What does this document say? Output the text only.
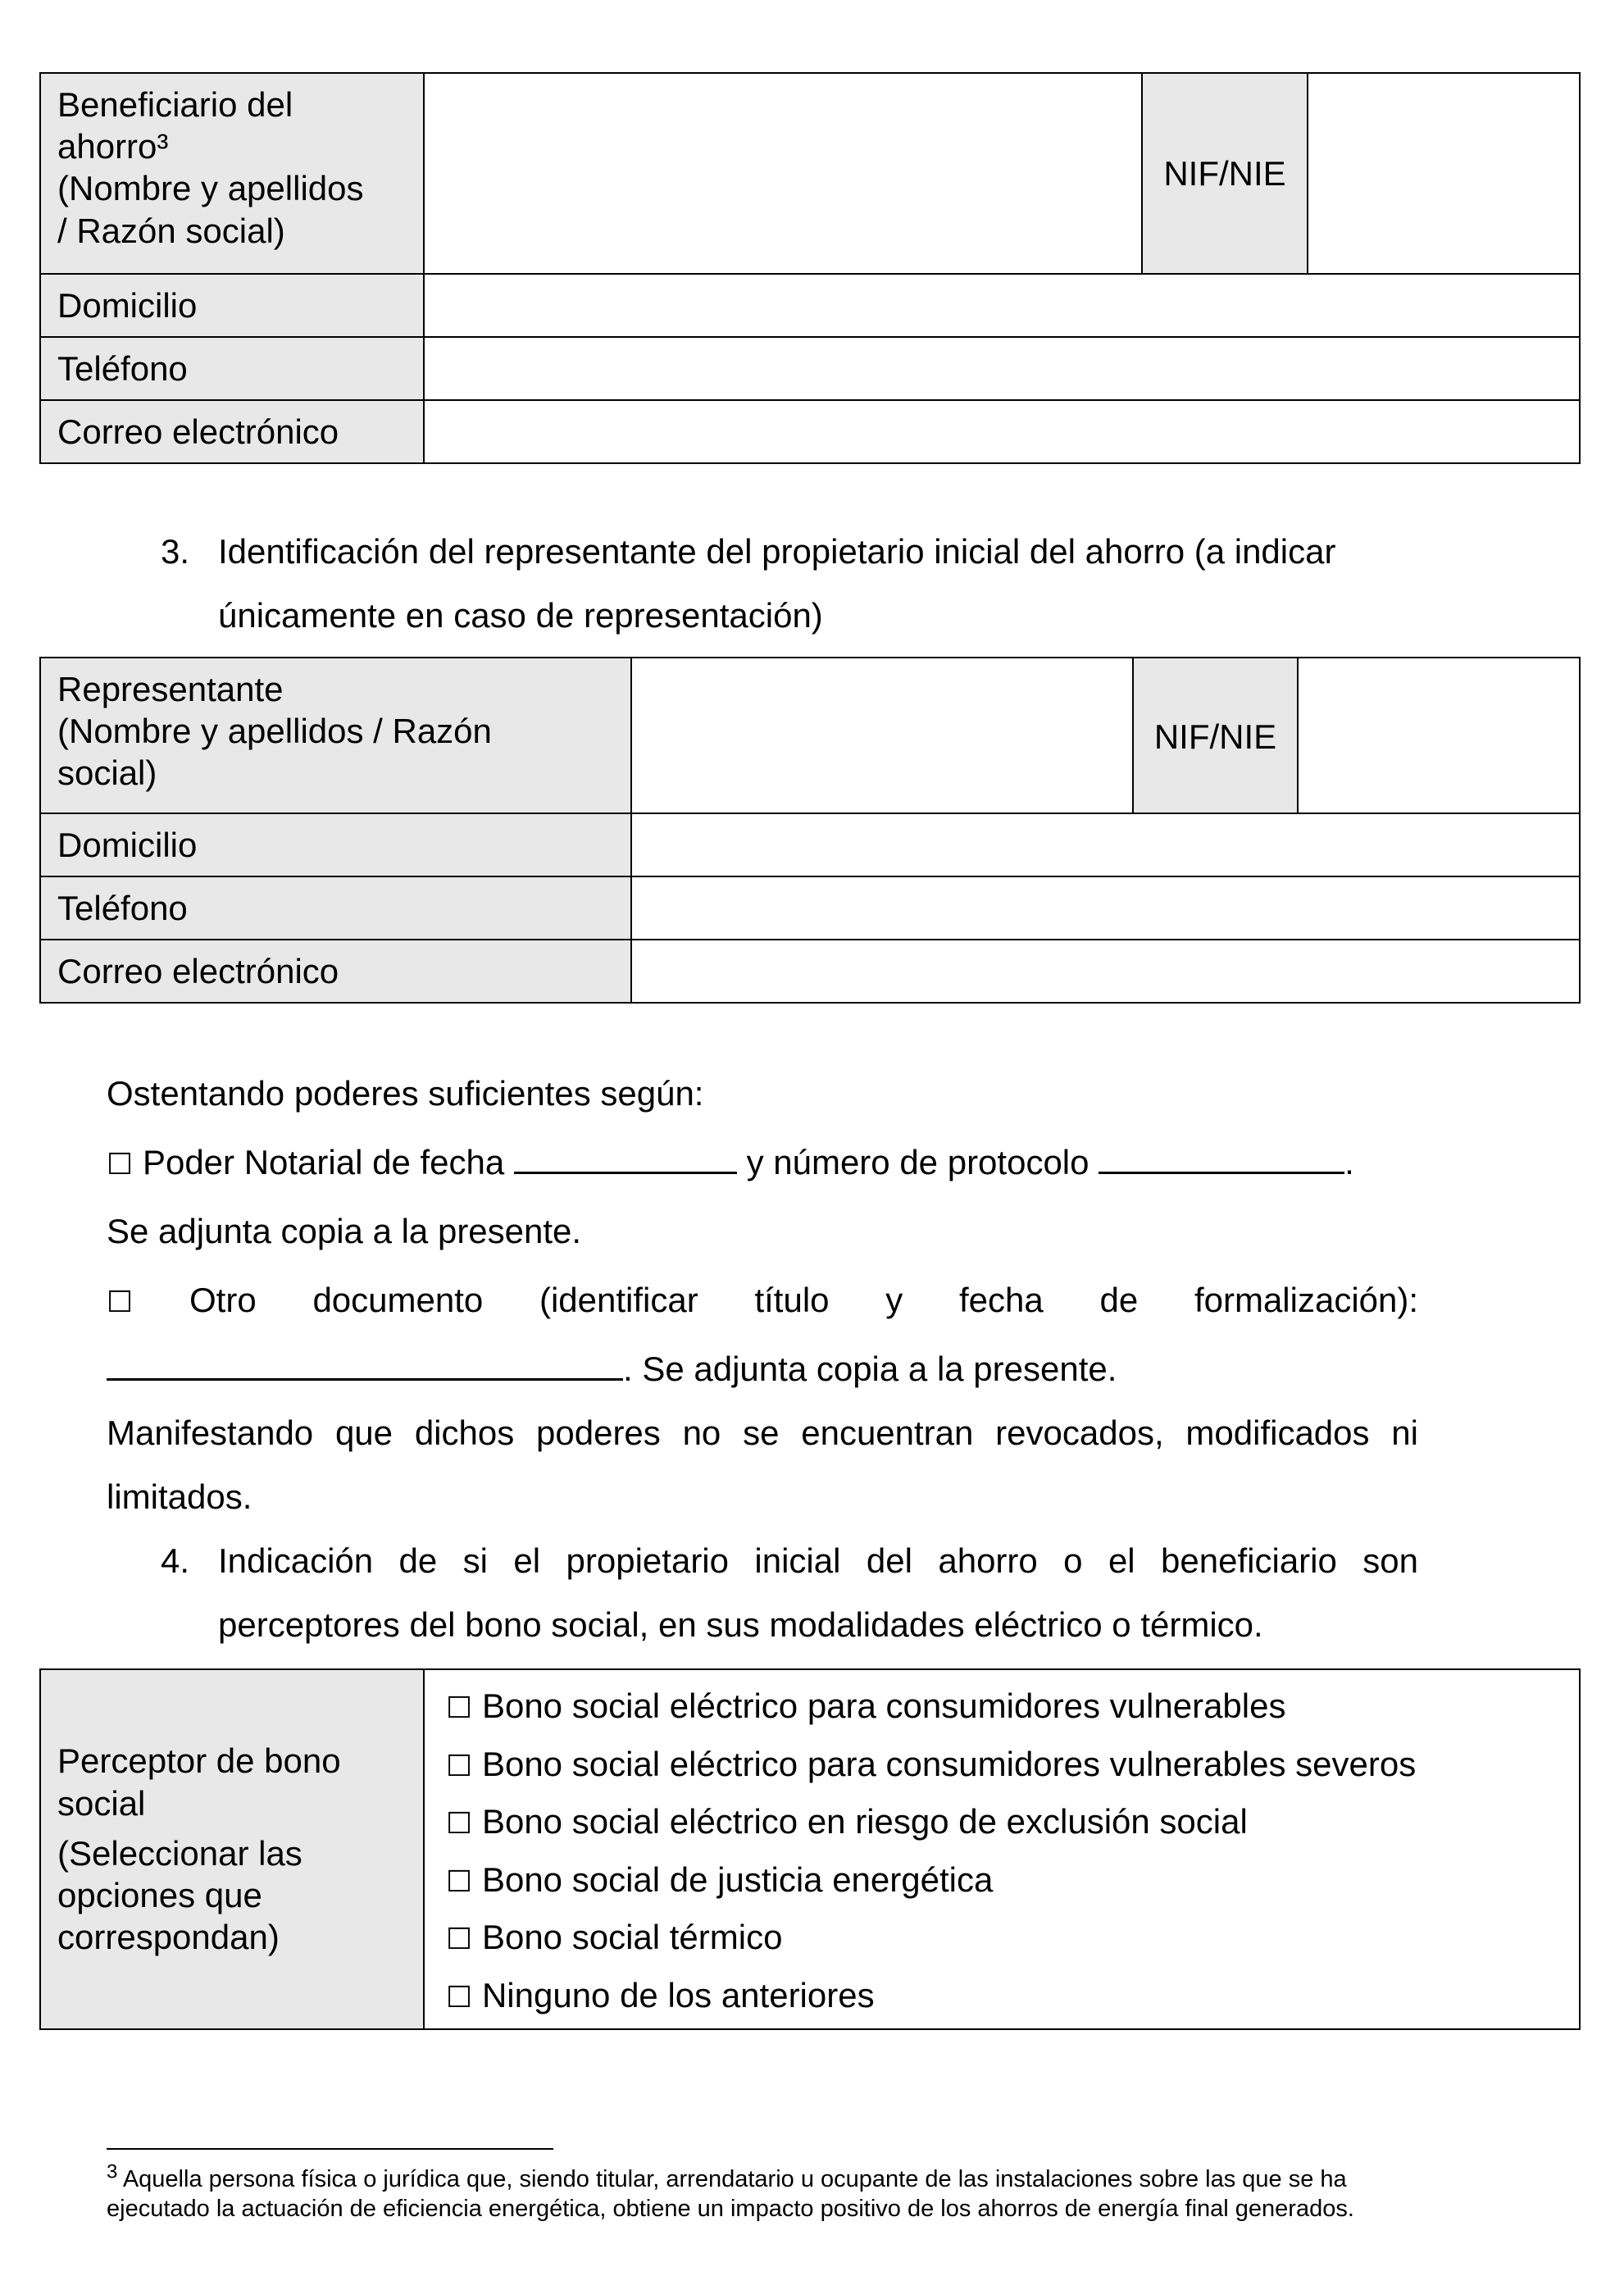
Beneficiario del
ahorro³
(Nombre y apellidos
/ Razón social)		NIF/NIE	
Domicilio			
Teléfono			
Correo electrónico			
3. Identificación del representante del propietario inicial del ahorro (a indicar
únicamente en caso de representación)
Representante
(Nombre y apellidos / Razón
social)		NIF/NIE	
Domicilio			
Teléfono			
Correo electrónico			
Ostentando poderes suficientes según:
☐ Poder Notarial de fecha	y número de protocolo	.
Se adjunta copia a la presente.
☐ Otro documento (identificar título y fecha de formalización):
. Se adjunta copia a la presente.
Manifestando que dichos poderes no se encuentran revocados, modificados ni
limitados.
4. Indicación de si el propietario inicial del ahorro o el beneficiario son
perceptores del bono social, en sus modalidades eléctrico o térmico.
Perceptor de bono
social
(Seleccionar las
opciones que
correspondan)

☐ Bono social eléctrico para consumidores vulnerables
☐ Bono social eléctrico para consumidores vulnerables severos
☐ Bono social eléctrico en riesgo de exclusión social
☐ Bono social de justicia energética
☐ Bono social térmico
☐ Ninguno de los anteriores
$^3$ Aquella persona física o jurídica que, siendo titular, arrendatario u ocupante de las instalaciones sobre las que se ha ejecutado la actuación de eficiencia energética, obtiene un impacto positivo de los ahorros de energía final generados.
